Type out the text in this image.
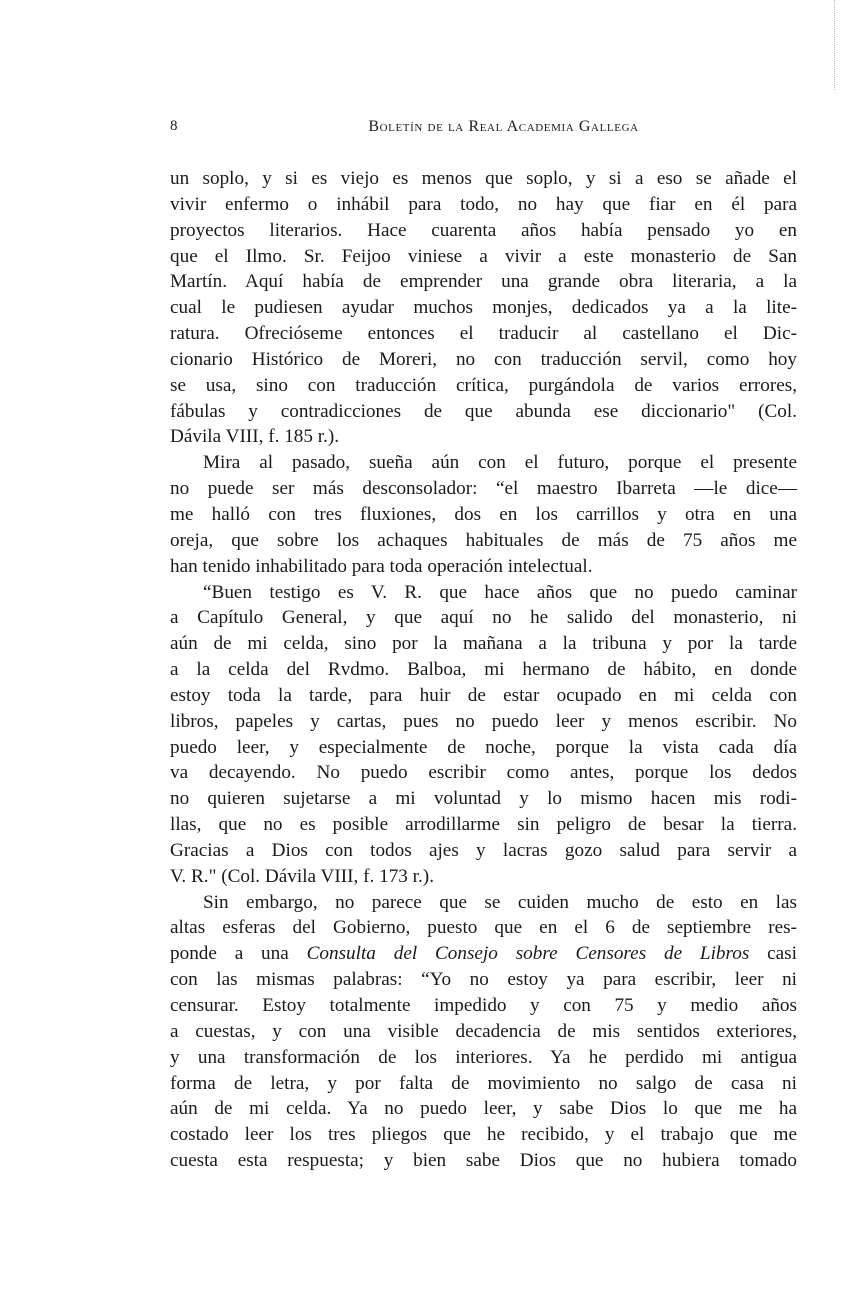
8	Boletín de la Real Academia Gallega
un soplo, y si es viejo es menos que soplo, y si a eso se añade el
vivir enfermo o inhábil para todo, no hay que fiar en él para
proyectos literarios. Hace cuarenta años había pensado yo en
que el Ilmo. Sr. Feijoo viniese a vivir a este monasterio de San
Martín. Aquí había de emprender una grande obra literaria, a la
cual le pudiesen ayudar muchos monjes, dedicados ya a la lite-
ratura. Ofrecióseme entonces el traducir al castellano el Dic-
cionario Histórico de Moreri, no con traducción servil, como hoy
se usa, sino con traducción crítica, purgándola de varios errores,
fábulas y contradicciones de que abunda ese diccionario" (Col.
Dávila VIII, f. 185 r.).
Mira al pasado, sueña aún con el futuro, porque el presente
no puede ser más desconsolador: “el maestro Ibarreta —le dice—
me halló con tres fluxiones, dos en los carrillos y otra en una
oreja, que sobre los achaques habituales de más de 75 años me
han tenido inhabilitado para toda operación intelectual.
“Buen testigo es V. R. que hace años que no puedo caminar
a Capítulo General, y que aquí no he salido del monasterio, ni
aún de mi celda, sino por la mañana a la tribuna y por la tarde
a la celda del Rvdmo. Balboa, mi hermano de hábito, en donde
estoy toda la tarde, para huir de estar ocupado en mi celda con
libros, papeles y cartas, pues no puedo leer y menos escribir. No
puedo leer, y especialmente de noche, porque la vista cada día
va decayendo. No puedo escribir como antes, porque los dedos
no quieren sujetarse a mi voluntad y lo mismo hacen mis rodi-
llas, que no es posible arrodillarme sin peligro de besar la tierra.
Gracias a Dios con todos ajes y lacras gozo salud para servir a
V. R." (Col. Dávila VIII, f. 173 r.).
Sin embargo, no parece que se cuiden mucho de esto en las
altas esferas del Gobierno, puesto que en el 6 de septiembre res-
ponde a una Consulta del Consejo sobre Censores de Libros casi
con las mismas palabras: “Yo no estoy ya para escribir, leer ni
censurar. Estoy totalmente impedido y con 75 y medio años
a cuestas, y con una visible decadencia de mis sentidos exteriores,
y una transformación de los interiores. Ya he perdido mi antigua
forma de letra, y por falta de movimiento no salgo de casa ni
aún de mi celda. Ya no puedo leer, y sabe Dios lo que me ha
costado leer los tres pliegos que he recibido, y el trabajo que me
cuesta esta respuesta; y bien sabe Dios que no hubiera tomado
